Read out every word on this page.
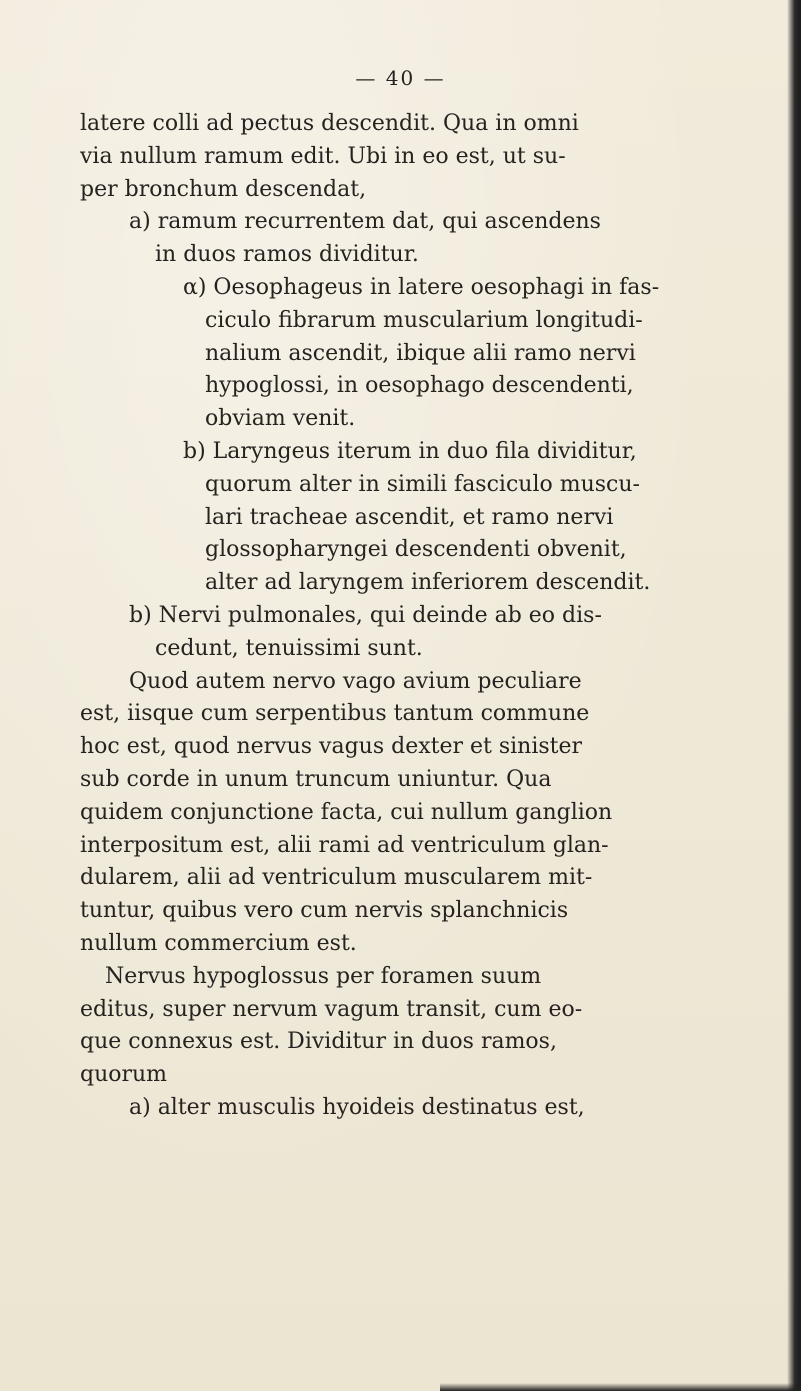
— 40 —
latere colli ad pectus descendit. Qua in omni
via nullum ramum edit. Ubi in eo est, ut su-
per bronchum descendat,
a) ramum recurrentem dat, qui ascendens
in duos ramos dividitur.
α) Oesophageus in latere oesophagi in fas-
ciculo fibrarum muscularium longitudi-
nalium ascendit, ibique alii ramo nervi
hypoglossi, in oesophago descendenti,
obviam venit.
b) Laryngeus iterum in duo fila dividitur,
quorum alter in simili fasciculo muscu-
lari tracheae ascendit, et ramo nervi
glossopharyngei descendenti obvenit,
alter ad laryngem inferiorem descendit.
b) Nervi pulmonales, qui deinde ab eo dis-
cedunt, tenuissimi sunt.
Quod autem nervo vago avium peculiare
est, iisque cum serpentibus tantum commune
hoc est, quod nervus vagus dexter et sinister
sub corde in unum truncum uniuntur. Qua
quidem conjunctione facta, cui nullum ganglion
interpositum est, alii rami ad ventriculum glan-
dularem, alii ad ventriculum muscularem mit-
tuntur, quibus vero cum nervis splanchnicis
nullum commercium est.
Nervus hypoglossus per foramen suum
editus, super nervum vagum transit, cum eo-
que connexus est. Dividitur in duos ramos,
quorum
a) alter musculis hyoideis destinatus est,
